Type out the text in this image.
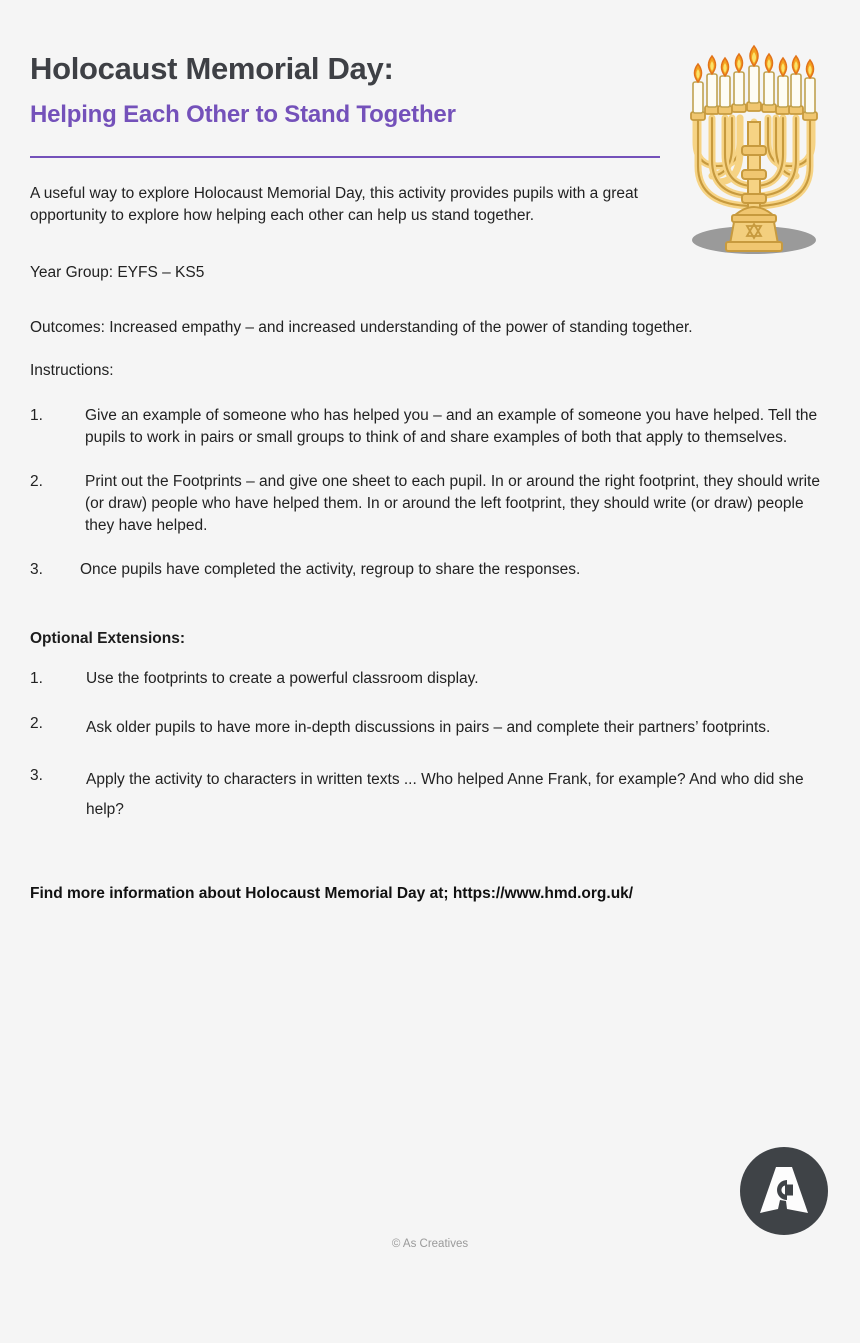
Holocaust Memorial Day:
Helping Each Other to Stand Together
A useful way to explore Holocaust Memorial Day, this activity provides pupils with a great opportunity to explore how helping each other can help us stand together.
Year Group: EYFS – KS5
Outcomes: Increased empathy – and increased understanding of the power of standing together.
Instructions:
1.	Give an example of someone who has helped you – and an example of someone you have helped. Tell the pupils to work in pairs or small groups to think of and share examples of both that apply to themselves.
2.	Print out the Footprints – and give one sheet to each pupil. In or around the right footprint, they should write (or draw) people who have helped them. In or around the left footprint, they should write (or draw) people they have helped.
3.	Once pupils have completed the activity, regroup to share the responses.
Optional Extensions:
1.	Use the footprints to create a powerful classroom display.
2.	Ask older pupils to have more in-depth discussions in pairs – and complete their partners’ footprints.
3.	Apply the activity to characters in written texts ... Who helped Anne Frank, for example? And who did she help?
Find more information about Holocaust Memorial Day at; https://www.hmd.org.uk/
© As Creatives
